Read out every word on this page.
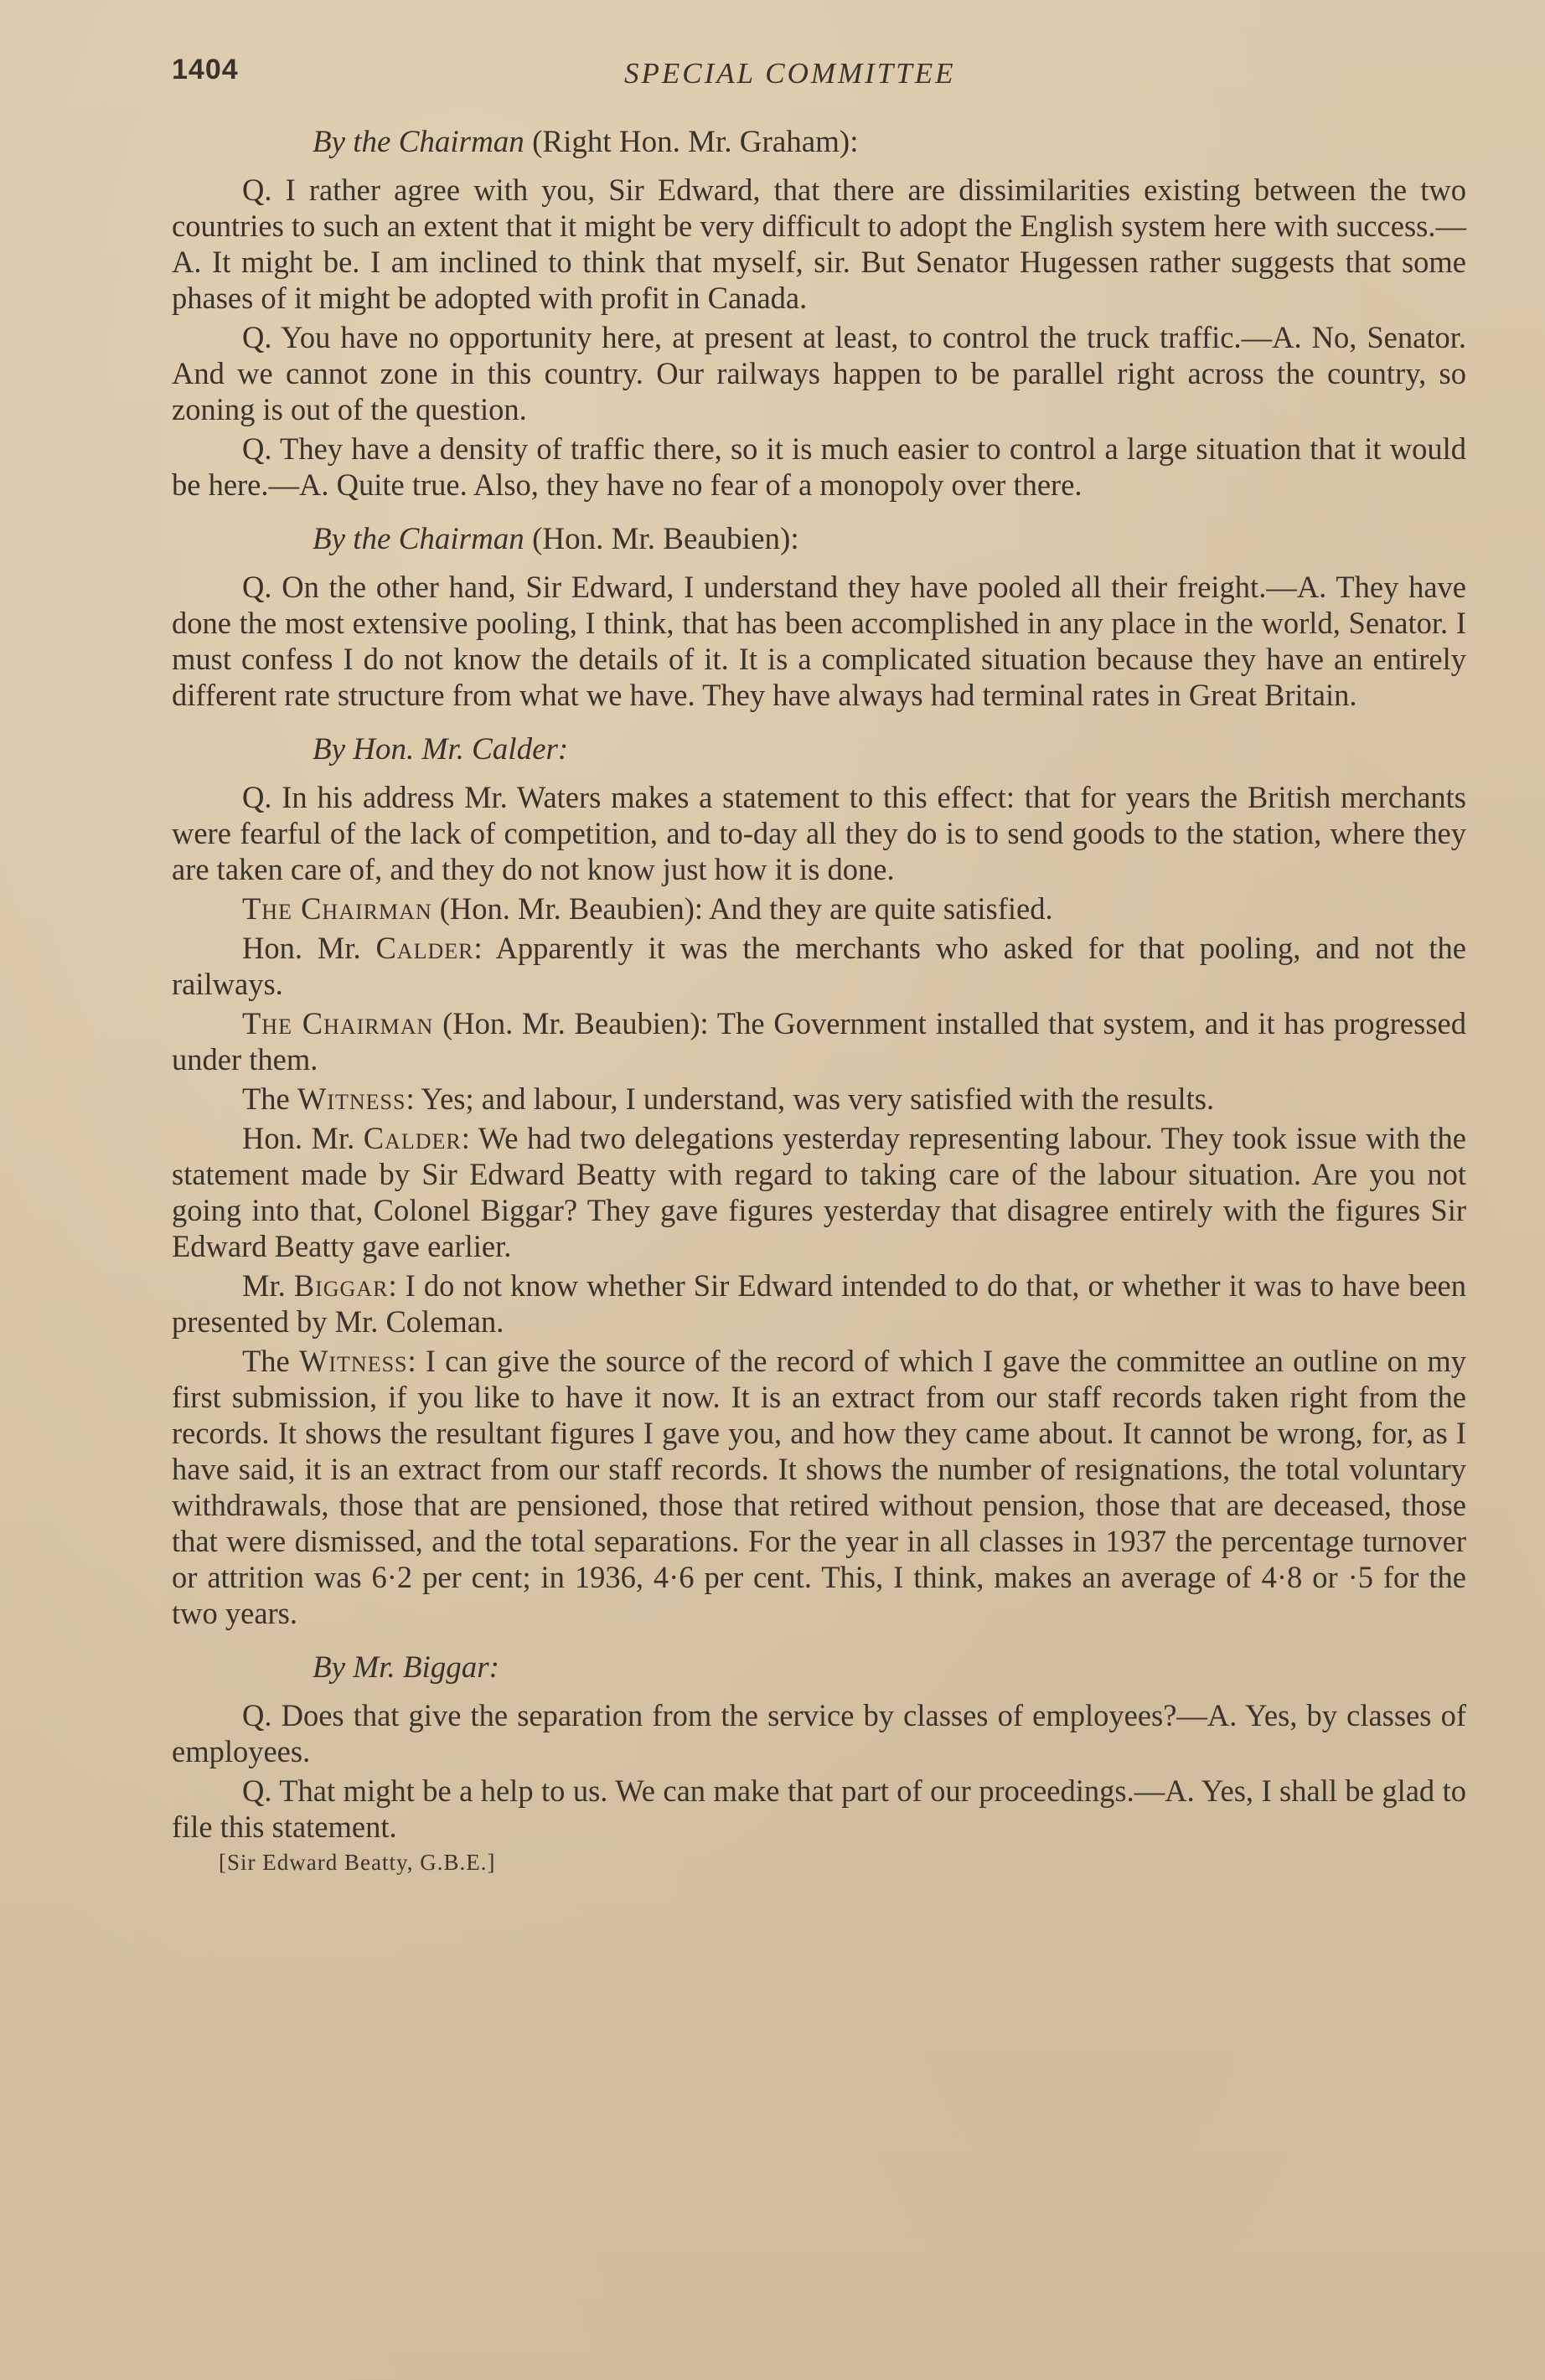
1404	SPECIAL COMMITTEE
By the Chairman (Right Hon. Mr. Graham):

Q. I rather agree with you, Sir Edward, that there are dissimilarities existing between the two countries to such an extent that it might be very difficult to adopt the English system here with success.—A. It might be. I am inclined to think that myself, sir. But Senator Hugessen rather suggests that some phases of it might be adopted with profit in Canada.

Q. You have no opportunity here, at present at least, to control the truck traffic.—A. No, Senator. And we cannot zone in this country. Our railways happen to be parallel right across the country, so zoning is out of the question.

Q. They have a density of traffic there, so it is much easier to control a large situation that it would be here.—A. Quite true. Also, they have no fear of a monopoly over there.

By the Chairman (Hon. Mr. Beaubien):

Q. On the other hand, Sir Edward, I understand they have pooled all their freight.—A. They have done the most extensive pooling, I think, that has been accomplished in any place in the world, Senator. I must confess I do not know the details of it. It is a complicated situation because they have an entirely different rate structure from what we have. They have always had terminal rates in Great Britain.

By Hon. Mr. Calder:

Q. In his address Mr. Waters makes a statement to this effect: that for years the British merchants were fearful of the lack of competition, and to-day all they do is to send goods to the station, where they are taken care of, and they do not know just how it is done.

The Chairman (Hon. Mr. Beaubien): And they are quite satisfied.

Hon. Mr. Calder: Apparently it was the merchants who asked for that pooling, and not the railways.

The Chairman (Hon. Mr. Beaubien): The Government installed that system, and it has progressed under them.

The Witness: Yes; and labour, I understand, was very satisfied with the results.

Hon. Mr. Calder: We had two delegations yesterday representing labour. They took issue with the statement made by Sir Edward Beatty with regard to taking care of the labour situation. Are you not going into that, Colonel Biggar? They gave figures yesterday that disagree entirely with the figures Sir Edward Beatty gave earlier.

Mr. Biggar: I do not know whether Sir Edward intended to do that, or whether it was to have been presented by Mr. Coleman.

The Witness: I can give the source of the record of which I gave the committee an outline on my first submission, if you like to have it now. It is an extract from our staff records taken right from the records. It shows the resultant figures I gave you, and how they came about. It cannot be wrong, for, as I have said, it is an extract from our staff records. It shows the number of resignations, the total voluntary withdrawals, those that are pensioned, those that retired without pension, those that are deceased, those that were dismissed, and the total separations. For the year in all classes in 1937 the percentage turnover or attrition was 6·2 per cent; in 1936, 4·6 per cent. This, I think, makes an average of 4·8 or ·5 for the two years.

By Mr. Biggar:

Q. Does that give the separation from the service by classes of employees?—A. Yes, by classes of employees.

Q. That might be a help to us. We can make that part of our proceedings.—A. Yes, I shall be glad to file this statement.

[Sir Edward Beatty, G.B.E.]
